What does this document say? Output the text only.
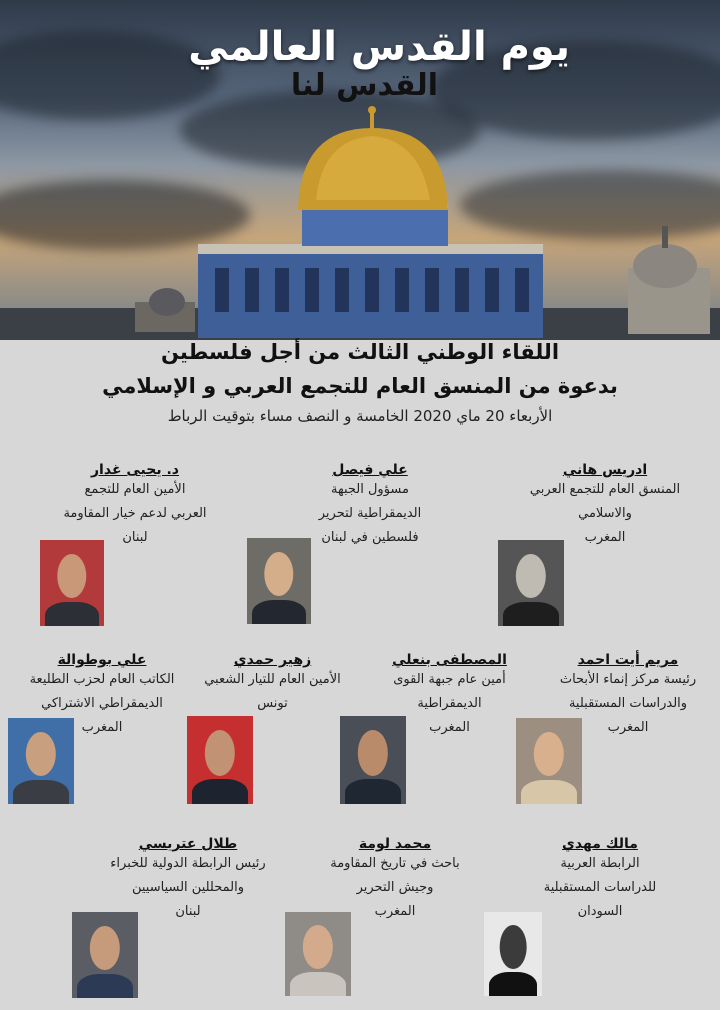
يوم القدس العالمي
القدس لنا
اللقاء الوطني الثالث من أجل فلسطين
بدعوة من المنسق العام للتجمع العربي و الإسلامي
الأربعاء 20 ماي 2020 الخامسة و النصف مساء بتوقيت الرباط
ادريس هاني
المنسق العام للتجمع العربي
والاسلامي
المغرب
علي فيصل
مسؤول الجبهة
الديمقراطية لتحرير
فلسطين في لبنان
د. يحيى غدار
الأمين العام للتجمع
العربي لدعم خيار المقاومة
لبنان
مريم أيت احمد
رئيسة مركز إنماء الأبحاث
والدراسات المستقبلية
المغرب
المصطفى بنعلي
أمين عام جبهة القوى
الديمقراطية
المغرب
زهير حمدي
الأمين العام للتيار الشعبي
تونس
علي بوطوالة
الكاتب العام لحزب الطليعة
الديمقراطي الاشتراكي
المغرب
مالك مهدي
الرابطة العربية
للدراسات المستقبلية
السودان
محمد لومة
باحث في تاريخ المقاومة
وجيش التحرير
المغرب
طلال عتريسي
رئيس الرابطة الدولية للخبراء
والمحللين السياسيين
لبنان
